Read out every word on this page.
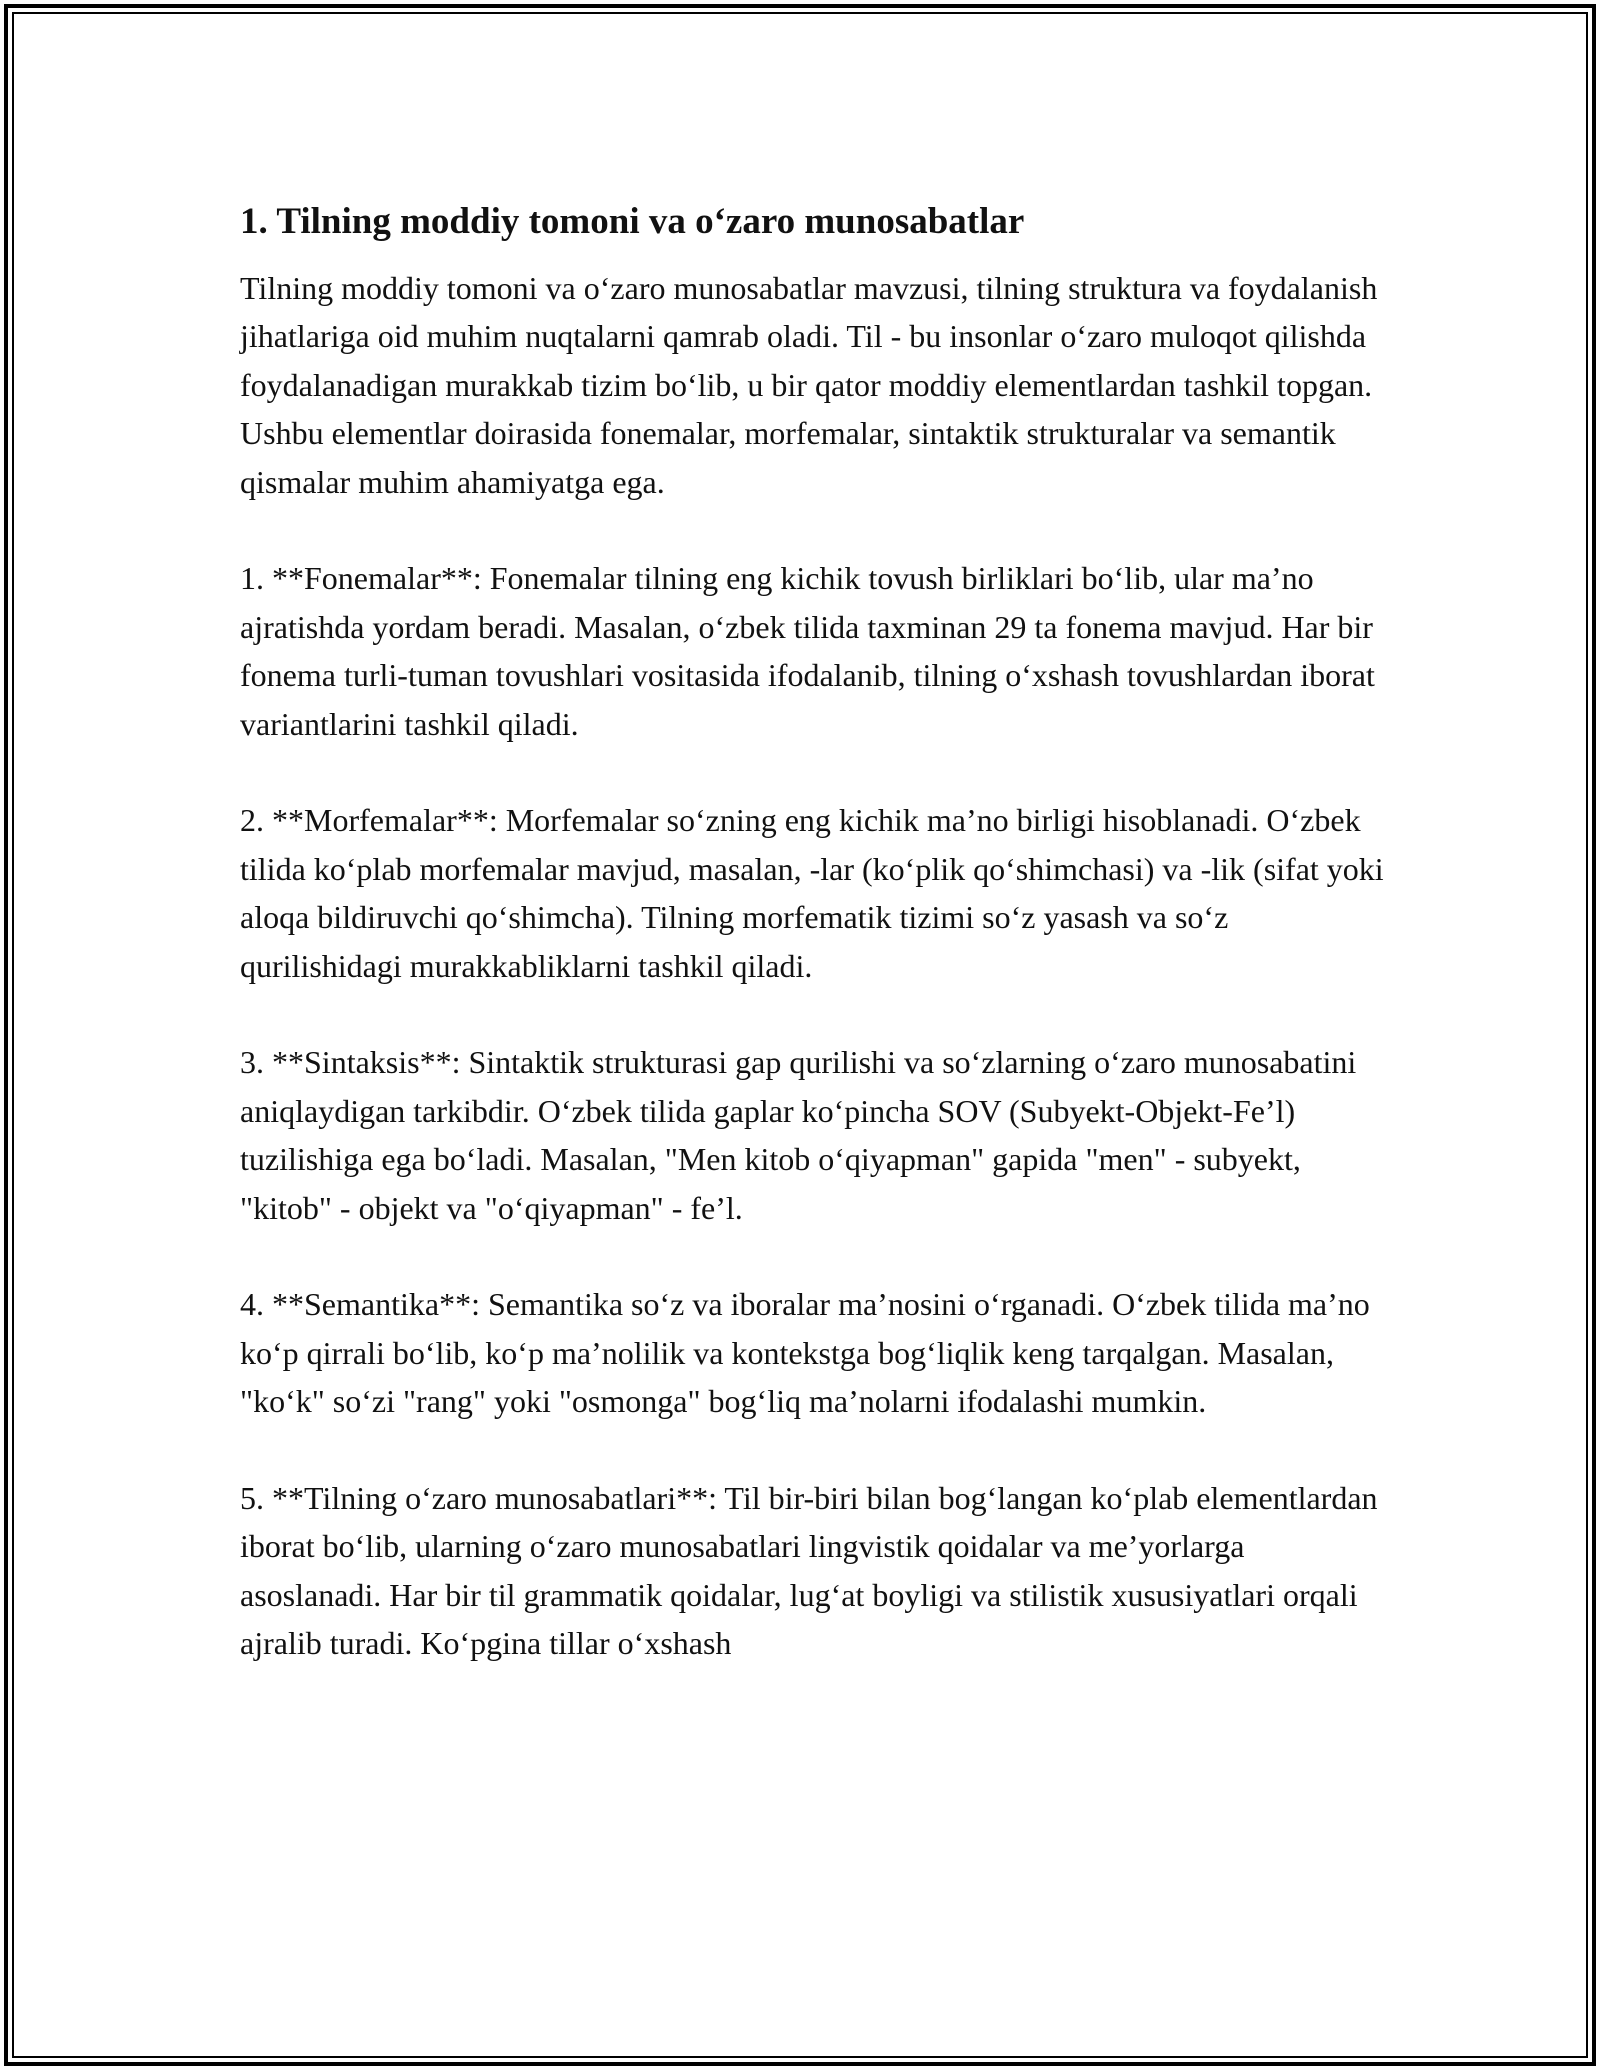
1. Tilning moddiy tomoni va o‘zaro munosabatlar

Tilning moddiy tomoni va o‘zaro munosabatlar mavzusi, tilning struktura va foydalanish jihatlariga oid muhim nuqtalarni qamrab oladi. Til - bu insonlar o‘zaro muloqot qilishda foydalanadigan murakkab tizim bo‘lib, u bir qator moddiy elementlardan tashkil topgan. Ushbu elementlar doirasida fonemalar, morfemalar, sintaktik strukturalar va semantik qismalar muhim ahamiyatga ega.

1. **Fonemalar**: Fonemalar tilning eng kichik tovush birliklari bo‘lib, ular ma’no ajratishda yordam beradi. Masalan, o‘zbek tilida taxminan 29 ta fonema mavjud. Har bir fonema turli-tuman tovushlari vositasida ifodalanib, tilning o‘xshash tovushlardan iborat variantlarini tashkil qiladi.

2. **Morfemalar**: Morfemalar so‘zning eng kichik ma’no birligi hisoblanadi. O‘zbek tilida ko‘plab morfemalar mavjud, masalan, -lar (ko‘plik qo‘shimchasi) va -lik (sifat yoki aloqa bildiruvchi qo‘shimcha). Tilning morfematik tizimi so‘z yasash va so‘z qurilishidagi murakkabliklarni tashkil qiladi.

3. **Sintaksis**: Sintaktik strukturasi gap qurilishi va so‘zlarning o‘zaro munosabatini aniqlaydigan tarkibdir. O‘zbek tilida gaplar ko‘pincha SOV (Subyekt-Objekt-Fe’l) tuzilishiga ega bo‘ladi. Masalan, "Men kitob o‘qiyapman" gapida "men" - subyekt, "kitob" - objekt va "o‘qiyapman" - fe’l.

4. **Semantika**: Semantika so‘z va iboralar ma’nosini o‘rganadi. O‘zbek tilida ma’no ko‘p qirrali bo‘lib, ko‘p ma’nolilik va kontekstga bog‘liqlik keng tarqalgan. Masalan, "ko‘k" so‘zi "rang" yoki "osmonga" bog‘liq ma’nolarni ifodalashi mumkin.

5. **Tilning o‘zaro munosabatlari**: Til bir-biri bilan bog‘langan ko‘plab elementlardan iborat bo‘lib, ularning o‘zaro munosabatlari lingvistik qoidalar va me’yorlarga asoslanadi. Har bir til grammatik qoidalar, lug‘at boyligi va stilistik xususiyatlari orqali ajralib turadi. Ko‘pgina tillar o‘xshash
